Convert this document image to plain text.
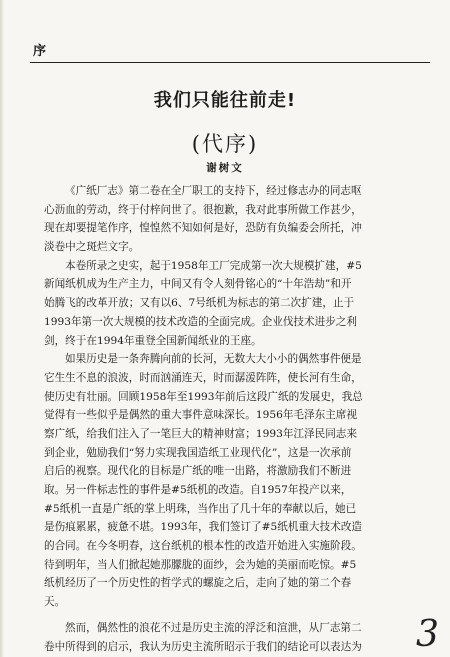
序
我们只能往前走!
(代序)
谢树文
《广纸厂志》第二卷在全厂职工的支持下，经过修志办的同志呕
心沥血的劳动，终于付梓问世了。很抱歉，我对此事所做工作甚少，
现在却要提笔作序，惶惶然不知如何是好，恐防有负编委会所托，冲
淡卷中之斑烂文字。
本卷所录之史实，起于1958年工厂完成第一次大规模扩建，#5
新闻纸机成为生产主力，中间又有令人刻骨铭心的“十年浩劫”和开
始腾飞的改革开放；又有以6、7号纸机为标志的第二次扩建，止于
1993年第一次大规模的技术改造的全面完成。企业伐技术进步之利
剑，终于在1994年重登全国新闻纸业的王座。
如果历史是一条奔腾向前的长河，无数大大小小的偶然事件便是
它生生不息的浪波，时而汹涌连天，时而潺湲阵阵，使长河有生命，
使历史有壮丽。回顾1958年至1993年前后这段广纸的发展史，我总
觉得有一些似乎是偶然的重大事件意味深长。1956年毛泽东主席视
察广纸，给我们注入了一笔巨大的精神财富；1993年江泽民同志来
到企业，勉励我们“努力实现我国造纸工业现代化”，这是一次承前
启后的视察。现代化的目标是广纸的唯一出路，将激励我们不断进
取。另一件标志性的事件是#5纸机的改造。自1957年投产以来，
#5纸机一直是广纸的掌上明珠，当作出了几十年的奉献以后，她已
是伤痕累累，疲惫不堪。1993年，我们签订了#5纸机重大技术改造
的合同。在今冬明春，这台纸机的根本性的改造开始进入实施阶段。
待到明年，当人们掀起她那朦胧的面纱，会为她的美丽而吃惊。#5
纸机经历了一个历史性的哲学式的螺旋之后，走向了她的第二个春
天。
然而，偶然性的浪花不过是历史主流的浮泛和渲泄，从厂志第二
卷中所得到的启示，我认为历史主流所昭示于我们的结论可以表达为	3
